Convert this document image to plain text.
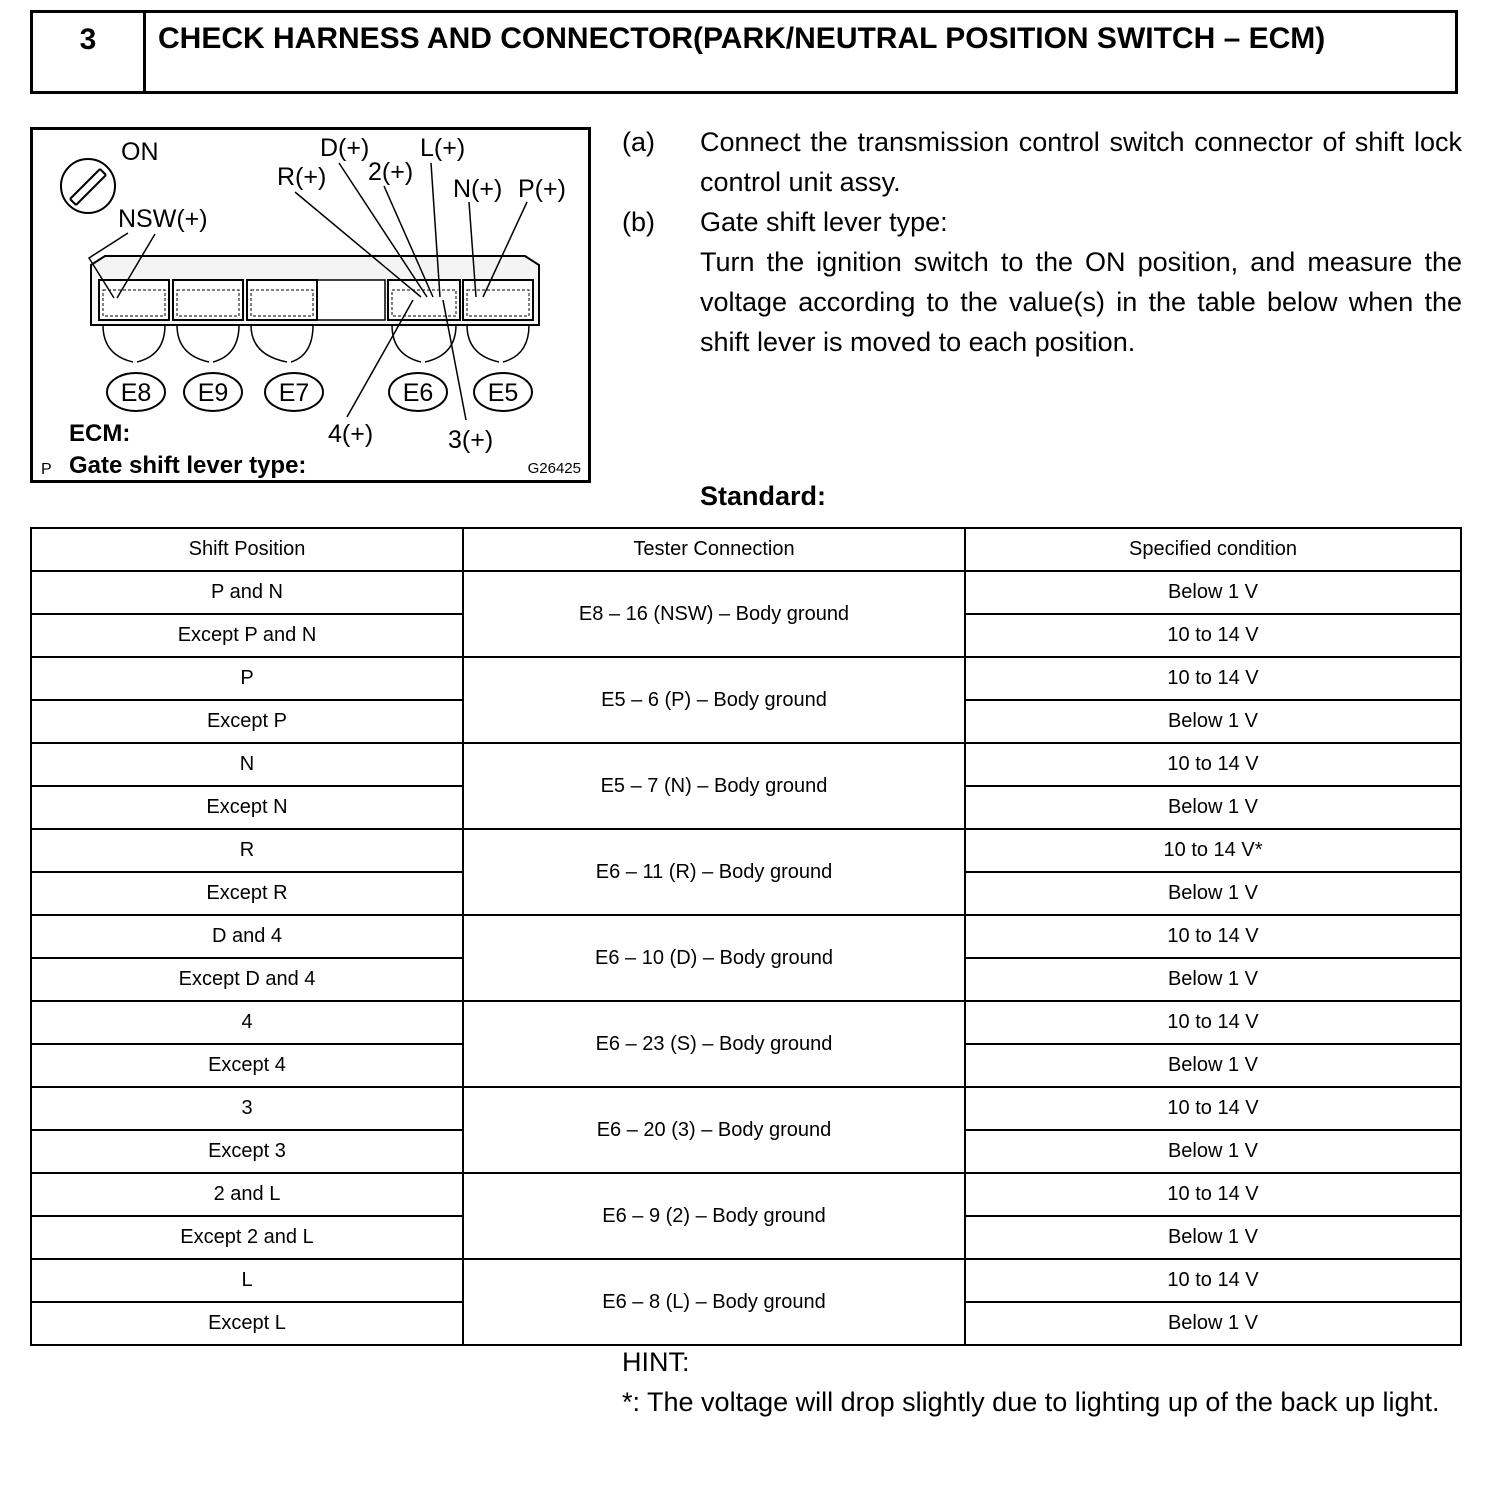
3	CHECK HARNESS AND CONNECTOR(PARK/NEUTRAL POSITION SWITCH – ECM)
ON
NSW(+)
R(+)
D(+)
2(+)
L(+)
N(+) P(+)
4(+)	3(+)
E8 E9 E7	E6 E5
ECM:
P Gate shift lever type:	G26425
(a)	Connect the transmission control switch connector of shift lock control unit assy.
(b)	Gate shift lever type:
Turn the ignition switch to the ON position, and measure the voltage according to the value(s) in the table below when the shift lever is moved to each position.
Standard:
Shift Position	Tester Connection	Specified condition
P and N	E8 – 16 (NSW) – Body ground	Below 1 V
Except P and N		10 to 14 V
P	E5 – 6 (P) – Body ground	10 to 14 V
Except P		Below 1 V
N	E5 – 7 (N) – Body ground	10 to 14 V
Except N		Below 1 V
R	E6 – 11 (R) – Body ground	10 to 14 V*
Except R		Below 1 V
D and 4	E6 – 10 (D) – Body ground	10 to 14 V
Except D and 4		Below 1 V
4	E6 – 23 (S) – Body ground	10 to 14 V
Except 4		Below 1 V
3	E6 – 20 (3) – Body ground	10 to 14 V
Except 3		Below 1 V
2 and L	E6 – 9 (2) – Body ground	10 to 14 V
Except 2 and L		Below 1 V
L	E6 – 8 (L) – Body ground	10 to 14 V
Except L		Below 1 V
HINT:
*: The voltage will drop slightly due to lighting up of the back up light.
